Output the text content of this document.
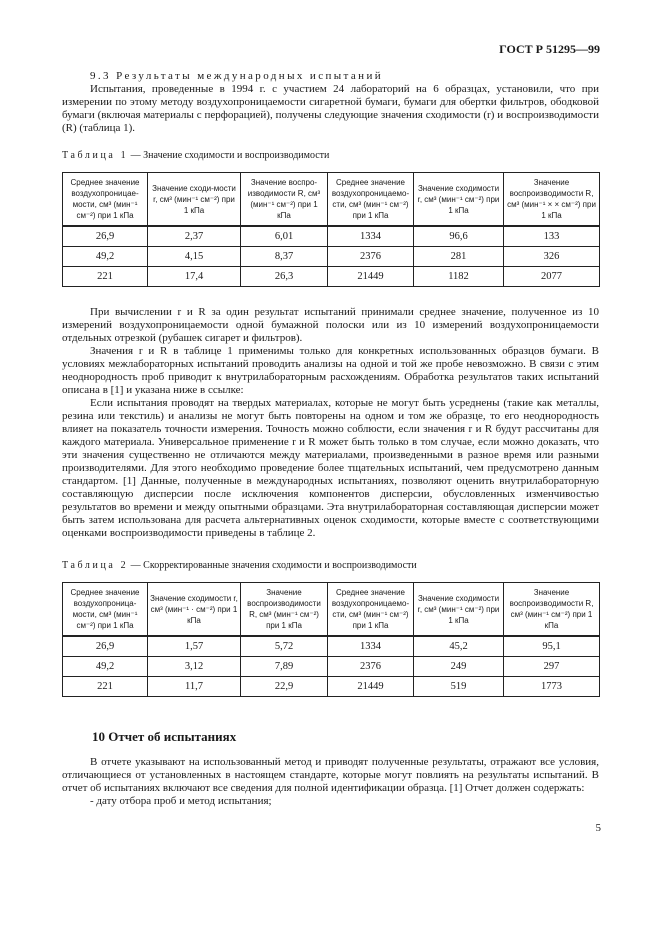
ГОСТ Р 51295—99

9.3 Результаты международных испытаний

Испытания, проведенные в 1994 г. с участием 24 лабораторий на 6 образцах, установили, что при измерении по этому методу воздухопроницаемости сигаретной бумаги, бумаги для обертки фильтров, ободковой бумаги (включая материалы с перфорацией), получены следующие значения сходимости (r) и воспроизводимости (R) (таблица 1).

Таблица 1 — Значение сходимости и воспроизводимости
Среднее значение воздухопроницае-мости, см³ (мин⁻¹ см⁻²) при 1 кПа	Значение сходи-мости r, см³ (мин⁻¹ см⁻²) при 1 кПа	Значение воспро-изводимости R, см³ (мин⁻¹ см⁻²) при 1 кПа	Среднее значение воздухопроницаемо-сти, см³ (мин⁻¹ см⁻²) при 1 кПа	Значение сходимости r, см³ (мин⁻¹ см⁻²) при 1 кПа	Значение воспроизводимости R, см³ (мин⁻¹ × × см⁻²) при 1 кПа
26,9	2,37	6,01	1334	96,6	133
49,2	4,15	8,37	2376	281	326
221	17,4	26,3	21449	1182	2077

При вычислении r и R за один результат испытаний принимали среднее значение, полученное из 10 измерений воздухопроницаемости одной бумажной полоски или из 10 измерений воздухопроницаемости отдельных отрезкой (рубашек сигарет и фильтров).

Значения r и R в таблице 1 применимы только для конкретных использованных образцов бумаги. В условиях межлабораторных испытаний проводить анализы на одной и той же пробе невозможно. В связи с этим неоднородность проб приводит к внутрилабораторным расхождениям. Обработка результатов таких испытаний описана в [1] и указана ниже в ссылке:

Если испытания проводят на твердых материалах, которые не могут быть усреднены (такие как металлы, резина или текстиль) и анализы не могут быть повторены на одном и том же образце, то его неоднородность влияет на показатель точности измерения. Точность можно соблюсти, если значения r и R будут рассчитаны для каждого материала. Универсальное применение r и R может быть только в том случае, если можно доказать, что эти значения существенно не отличаются между материалами, произведенными в разное время или разными производителями. Для этого необходимо проведение более тщательных испытаний, чем предусмотрено данным стандартом. [1] Данные, полученные в международных испытаниях, позволяют оценить внутрилабораторную составляющую дисперсии после исключения компонентов дисперсии, обусловленных изменчивостью результатов во времени и между опытными образцами. Эта внутрилабораторная составляющая дисперсии может быть затем использована для расчета альтернативных оценок сходимости, которые вместе с соответствующими оценками воспроизводимости приведены в таблице 2.

Таблица 2 — Скорректированные значения сходимости и воспроизводимости
Среднее значение воздухопроница-мости, см³ (мин⁻¹ см⁻²) при 1 кПа	Значение сходимости r, см³ (мин⁻¹ · см⁻²) при 1 кПа	Значение воспроизводимости R, см³ (мин⁻¹ см⁻²) при 1 кПа	Среднее значение воздухопроницаемо-сти, см³ (мин⁻¹ см⁻²) при 1 кПа	Значение сходимости r, см³ (мин⁻¹ см⁻²) при 1 кПа	Значение воспроизводимости R, см³ (мин⁻¹ см⁻²) при 1 кПа
26,9	1,57	5,72	1334	45,2	95,1
49,2	3,12	7,89	2376	249	297
221	11,7	22,9	21449	519	1773
10 Отчет об испытаниях

В отчете указывают на использованный метод и приводят полученные результаты, отражают все условия, отличающиеся от установленных в настоящем стандарте, которые могут повлиять на результаты испытаний. В отчет об испытаниях включают все сведения для полной идентификации образца. [1] Отчет должен содержать:

- дату отбора проб и метод испытания;

5
